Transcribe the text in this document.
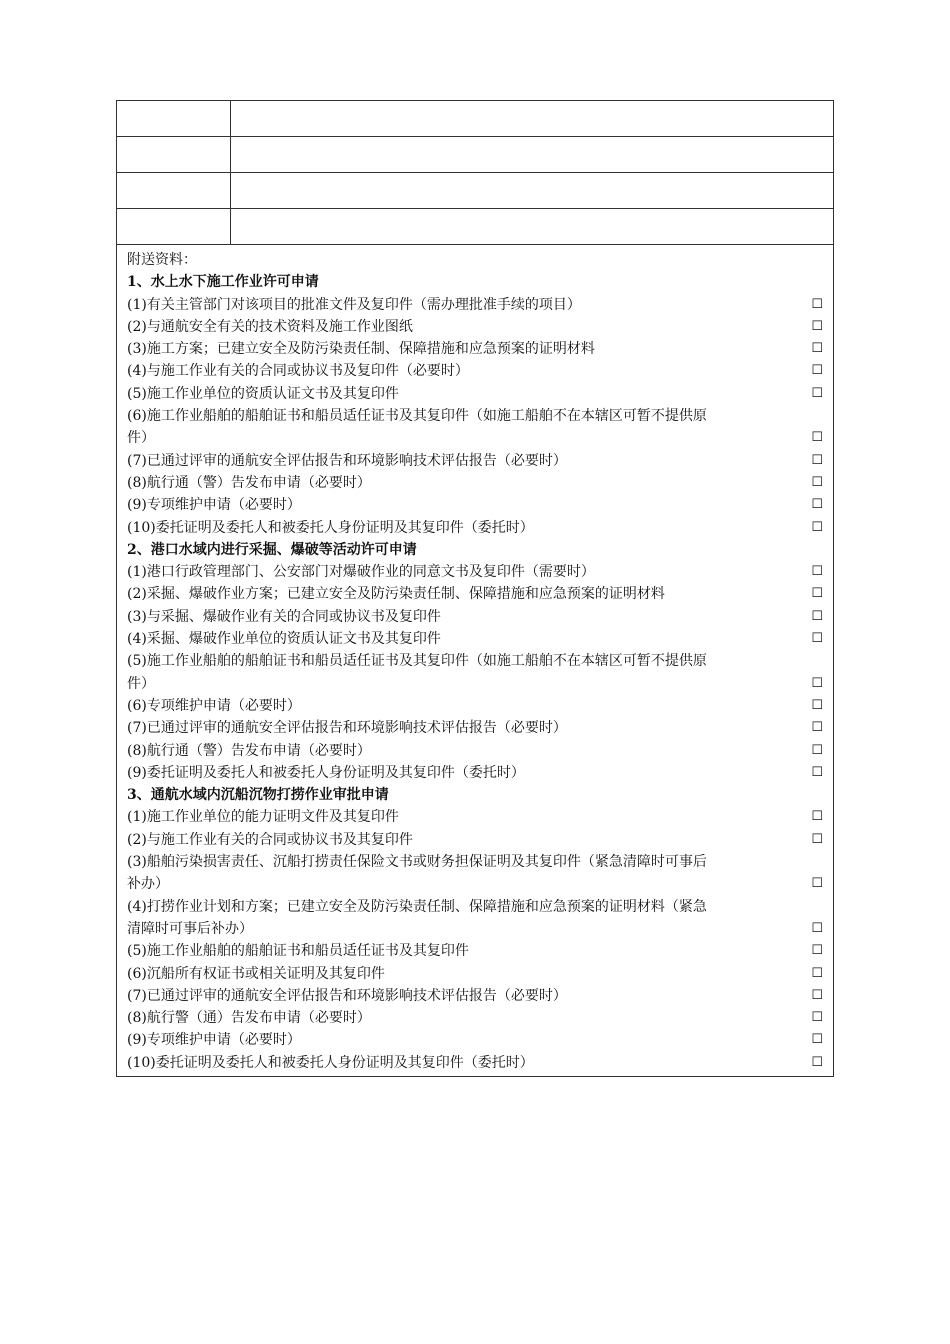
附送资料：
1、水上水下施工作业许可申请
(1)有关主管部门对该项目的批准文件及复印件（需办理批准手续的项目）	☐
(2)与通航安全有关的技术资料及施工作业图纸	☐
(3)施工方案；已建立安全及防污染责任制、保障措施和应急预案的证明材料	☐
(4)与施工作业有关的合同或协议书及复印件（必要时）	☐
(5)施工作业单位的资质认证文书及其复印件	☐
(6)施工作业船舶的船舶证书和船员适任证书及其复印件（如施工船舶不在本辖区可暂不提供原
件）	☐
(7)已通过评审的通航安全评估报告和环境影响技术评估报告（必要时）	☐
(8)航行通（警）告发布申请（必要时）	☐
(9)专项维护申请（必要时）	☐
(10)委托证明及委托人和被委托人身份证明及其复印件（委托时）	☐
2、港口水域内进行采掘、爆破等活动许可申请
(1)港口行政管理部门、公安部门对爆破作业的同意文书及复印件（需要时）	☐
(2)采掘、爆破作业方案；已建立安全及防污染责任制、保障措施和应急预案的证明材料	☐
(3)与采掘、爆破作业有关的合同或协议书及复印件	☐
(4)采掘、爆破作业单位的资质认证文书及其复印件	☐
(5)施工作业船舶的船舶证书和船员适任证书及其复印件（如施工船舶不在本辖区可暂不提供原
件）	☐
(6)专项维护申请（必要时）	☐
(7)已通过评审的通航安全评估报告和环境影响技术评估报告（必要时）	☐
(8)航行通（警）告发布申请（必要时）	☐
(9)委托证明及委托人和被委托人身份证明及其复印件（委托时）	☐
3、通航水域内沉船沉物打捞作业审批申请
(1)施工作业单位的能力证明文件及其复印件	☐
(2)与施工作业有关的合同或协议书及其复印件	☐
(3)船舶污染损害责任、沉船打捞责任保险文书或财务担保证明及其复印件（紧急清障时可事后
补办）	☐
(4)打捞作业计划和方案；已建立安全及防污染责任制、保障措施和应急预案的证明材料（紧急
清障时可事后补办）	☐
(5)施工作业船舶的船舶证书和船员适任证书及其复印件	☐
(6)沉船所有权证书或相关证明及其复印件	☐
(7)已通过评审的通航安全评估报告和环境影响技术评估报告（必要时）	☐
(8)航行警（通）告发布申请（必要时）	☐
(9)专项维护申请（必要时）	☐
(10)委托证明及委托人和被委托人身份证明及其复印件（委托时）	☐
